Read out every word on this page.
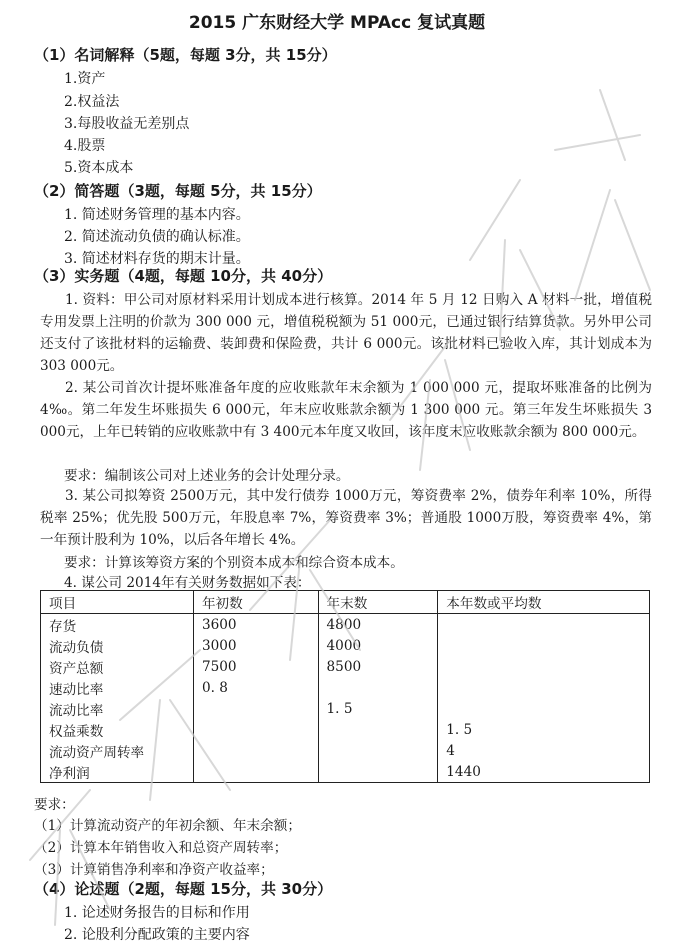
2015 广东财经大学 MPAcc 复试真题
（1）名词解释（5题，每题 3分，共 15分）
1.资产
2.权益法
3.每股收益无差别点
4.股票
5.资本成本
（2）简答题（3题，每题 5分，共 15分）
1. 简述财务管理的基本内容。
2. 简述流动负债的确认标准。
3. 简述材料存货的期末计量。
（3）实务题（4题，每题 10分，共 40分）
1. 资料：甲公司对原材料采用计划成本进行核算。2014 年 5 月 12 日购入 A 材料一批，增值税专用发票上注明的价款为 300 000 元，增值税税额为 51 000元，已通过银行结算货款。另外甲公司还支付了该批材料的运输费、装卸费和保险费，共计 6 000元。该批材料已验收入库，其计划成本为 303 000元。
2. 某公司首次计提坏账准备年度的应收账款年末余额为 1 000 000 元，提取坏账准备的比例为 4‰。第二年发生坏账损失 6 000元，年末应收账款余额为 1 300 000 元。第三年发生坏账损失 3 000元，上年已转销的应收账款中有 3 400元本年度又收回，该年度末应收账款余额为 800 000元。
要求：编制该公司对上述业务的会计处理分录。
3. 某公司拟筹资 2500万元，其中发行债券 1000万元，筹资费率 2%，债券年利率 10%，所得税率 25%；优先股 500万元，年股息率 7%，筹资费率 3%；普通股 1000万股，筹资费率 4%，第一年预计股利为 10%，以后各年增长 4%。
要求：计算该筹资方案的个别资本成本和综合资本成本。
4. 谋公司 2014年有关财务数据如下表：
项目	年初数	年末数	本年数或平均数
存货	3600	4800	
流动负债	3000	4000	
资产总额	7500	8500	
速动比率	0. 8		
流动比率		1. 5	
权益乘数			1. 5
流动资产周转率			4
净利润			1440
要求：
（1）计算流动资产的年初余额、年末余额；
（2）计算本年销售收入和总资产周转率；
（3）计算销售净利率和净资产收益率；
（4）论述题（2题，每题 15分，共 30分）
1. 论述财务报告的目标和作用
2. 论股利分配政策的主要内容
